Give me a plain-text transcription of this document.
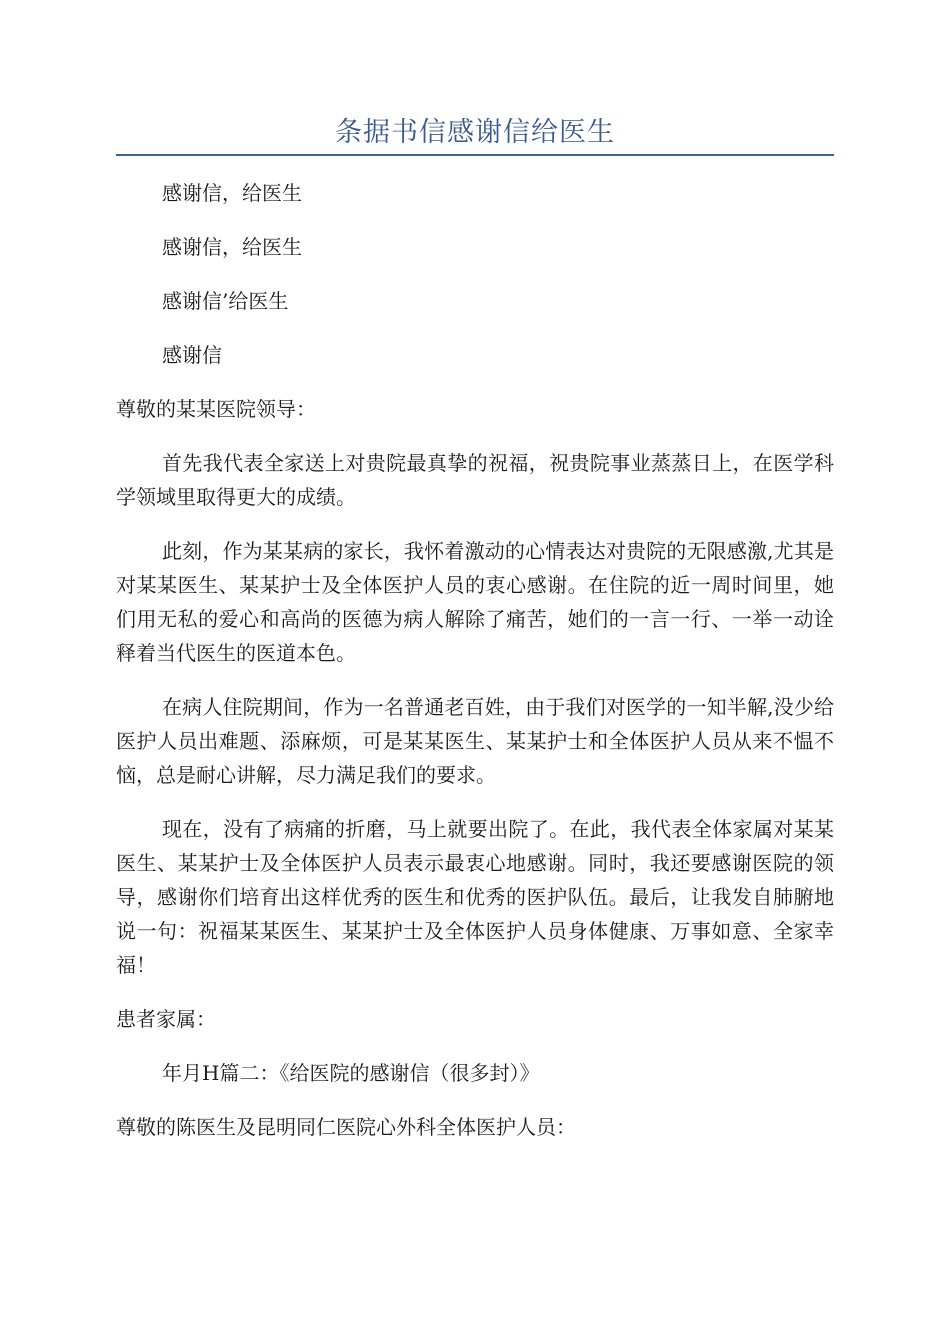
条据书信感谢信给医生

感谢信，给医生

感谢信，给医生

感谢信’给医生

感谢信

尊敬的某某医院领导：

首先我代表全家送上对贵院最真挚的祝福，祝贵院事业蒸蒸日上，在医学科学领域里取得更大的成绩。

此刻，作为某某病的家长，我怀着激动的心情表达对贵院的无限感激,尤其是对某某医生、某某护士及全体医护人员的衷心感谢。在住院的近一周时间里，她们用无私的爱心和高尚的医德为病人解除了痛苦，她们的一言一行、一举一动诠释着当代医生的医道本色。

在病人住院期间，作为一名普通老百姓，由于我们对医学的一知半解,没少给医护人员出难题、添麻烦，可是某某医生、某某护士和全体医护人员从来不愠不恼，总是耐心讲解，尽力满足我们的要求。

现在，没有了病痛的折磨，马上就要出院了。在此，我代表全体家属对某某医生、某某护士及全体医护人员表示最衷心地感谢。同时，我还要感谢医院的领导，感谢你们培育出这样优秀的医生和优秀的医护队伍。最后，让我发自肺腑地说一句：祝福某某医生、某某护士及全体医护人员身体健康、万事如意、全家幸福！

患者家属：

年月Η篇二：《给医院的感谢信（很多封）》

尊敬的陈医生及昆明同仁医院心外科全体医护人员：
